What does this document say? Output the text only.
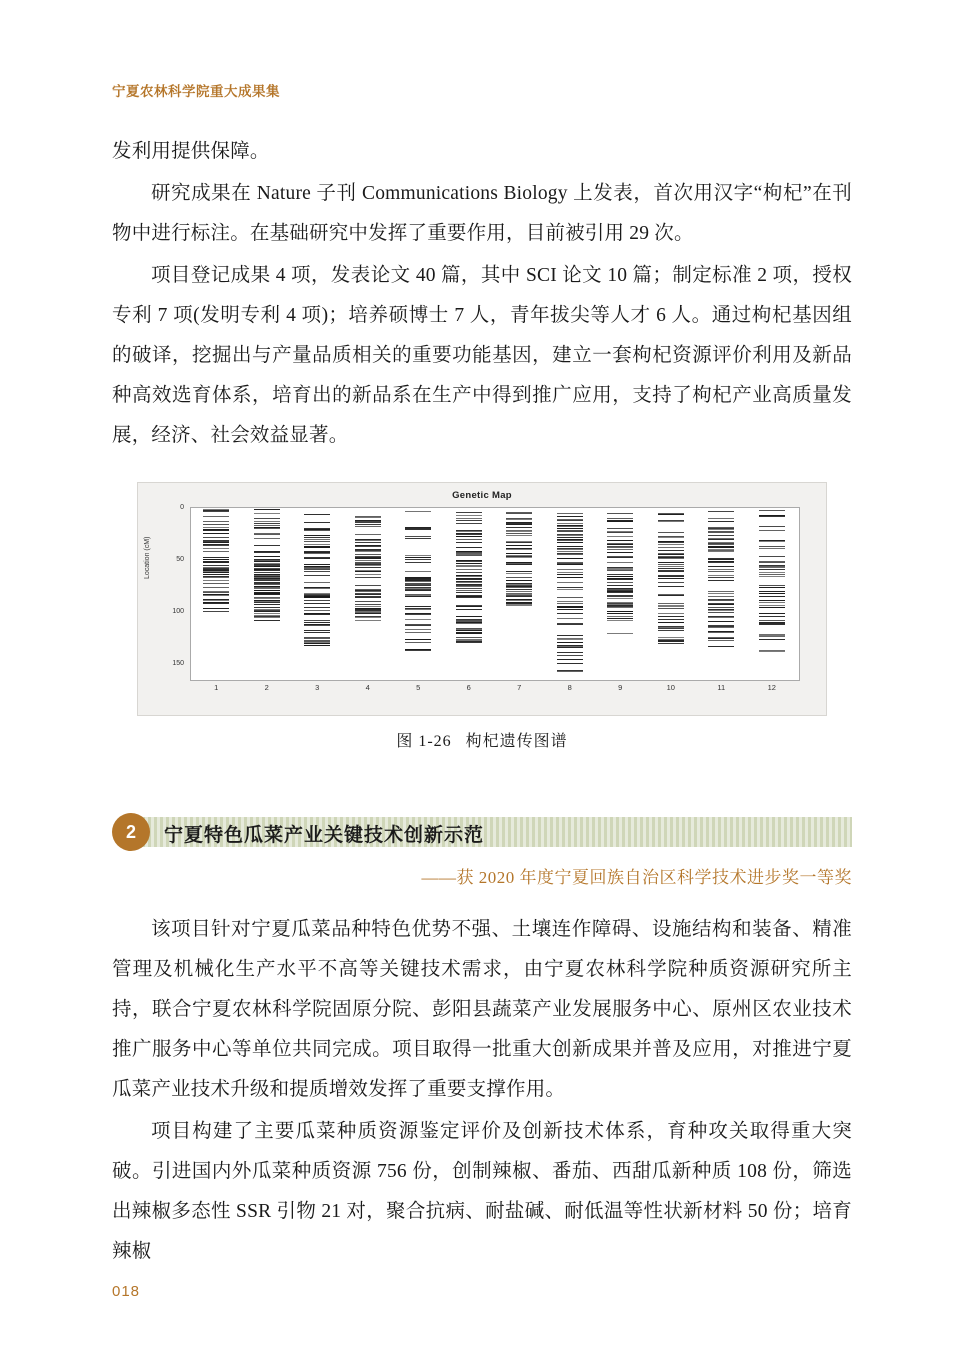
宁夏农林科学院重大成果集

发利用提供保障。

研究成果在 Nature 子刊 Communications Biology 上发表，首次用汉字“枸杞”在刊物中进行标注。在基础研究中发挥了重要作用，目前被引用 29 次。

项目登记成果 4 项，发表论文 40 篇，其中 SCI 论文 10 篇；制定标准 2 项，授权专利 7 项(发明专利 4 项)；培养硕博士 7 人，青年拔尖等人才 6 人。通过枸杞基因组的破译，挖掘出与产量品质相关的重要功能基因，建立一套枸杞资源评价利用及新品种高效选育体系，培育出的新品系在生产中得到推广应用，支持了枸杞产业高质量发展，经济、社会效益显著。

Genetic Map
Location (cM)
0
50
100
150
1	2	3	4	5	6	7	8	9	10	11	12
图 1-26 枸杞遗传图谱
2	宁夏特色瓜菜产业关键技术创新示范
——获 2020 年度宁夏回族自治区科学技术进步奖一等奖

该项目针对宁夏瓜菜品种特色优势不强、土壤连作障碍、设施结构和装备、精准管理及机械化生产水平不高等关键技术需求，由宁夏农林科学院种质资源研究所主持，联合宁夏农林科学院固原分院、彭阳县蔬菜产业发展服务中心、原州区农业技术推广服务中心等单位共同完成。项目取得一批重大创新成果并普及应用，对推进宁夏瓜菜产业技术升级和提质增效发挥了重要支撑作用。

项目构建了主要瓜菜种质资源鉴定评价及创新技术体系，育种攻关取得重大突破。引进国内外瓜菜种质资源 756 份，创制辣椒、番茄、西甜瓜新种质 108 份，筛选出辣椒多态性 SSR 引物 21 对，聚合抗病、耐盐碱、耐低温等性状新材料 50 份；培育辣椒

018
